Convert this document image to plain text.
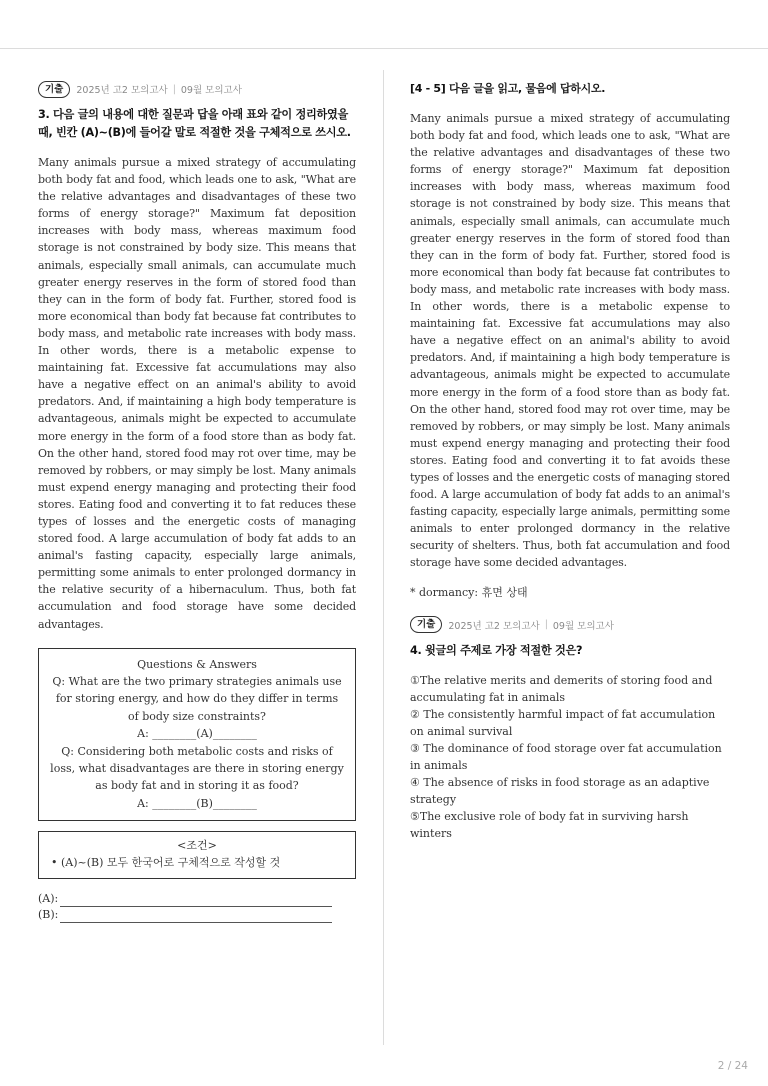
기출	2025년 고2 모의고사 | 09월 모의고사
3. 다음 글의 내용에 대한 질문과 답을 아래 표와 같이 정리하였을 때, 빈칸 (A)~(B)에 들어갈 말로 적절한 것을 구체적으로 쓰시오.
Many animals pursue a mixed strategy of accumulating both body fat and food, which leads one to ask, "What are the relative advantages and disadvantages of these two forms of energy storage?" Maximum fat deposition increases with body mass, whereas maximum food storage is not constrained by body size. This means that animals, especially small animals, can accumulate much greater energy reserves in the form of stored food than they can in the form of body fat. Further, stored food is more economical than body fat because fat contributes to body mass, and metabolic rate increases with body mass. In other words, there is a metabolic expense to maintaining fat. Excessive fat accumulations may also have a negative effect on an animal's ability to avoid predators. And, if maintaining a high body temperature is advantageous, animals might be expected to accumulate more energy in the form of a food store than as body fat. On the other hand, stored food may rot over time, may be removed by robbers, or may simply be lost. Many animals must expend energy managing and protecting their food stores. Eating food and converting it to fat reduces these types of losses and the energetic costs of managing stored food. A large accumulation of body fat adds to an animal's fasting capacity, especially large animals, permitting some animals to enter prolonged dormancy in the relative security of a hibernaculum. Thus, both fat accumulation and food storage have some decided advantages.
Questions & Answers
Q: What are the two primary strategies animals use for storing energy, and how do they differ in terms of body size constraints?
A: ________(A)________
Q: Considering both metabolic costs and risks of loss, what disadvantages are there in storing energy as body fat and in storing it as food?
A: ________(B)________
<조건>
• (A)~(B) 모두 한국어로 구체적으로 작성할 것
(A):
(B):
[4 - 5] 다음 글을 읽고, 물음에 답하시오.
Many animals pursue a mixed strategy of accumulating both body fat and food, which leads one to ask, "What are the relative advantages and disadvantages of these two forms of energy storage?" Maximum fat deposition increases with body mass, whereas maximum food storage is not constrained by body size. This means that animals, especially small animals, can accumulate much greater energy reserves in the form of stored food than they can in the form of body fat. Further, stored food is more economical than body fat because fat contributes to body mass, and metabolic rate increases with body mass. In other words, there is a metabolic expense to maintaining fat. Excessive fat accumulations may also have a negative effect on an animal's ability to avoid predators. And, if maintaining a high body temperature is advantageous, animals might be expected to accumulate more energy in the form of a food store than as body fat. On the other hand, stored food may rot over time, may be removed by robbers, or may simply be lost. Many animals must expend energy managing and protecting their food stores. Eating food and converting it to fat avoids these types of losses and the energetic costs of managing stored food. A large accumulation of body fat adds to an animal's fasting capacity, especially large animals, permitting some animals to enter prolonged dormancy in the relative security of shelters. Thus, both fat accumulation and food storage have some decided advantages.
* dormancy: 휴면 상태
기출	2025년 고2 모의고사 | 09월 모의고사
4. 윗글의 주제로 가장 적절한 것은?
①The relative merits and demerits of storing food and accumulating fat in animals
② The consistently harmful impact of fat accumulation on animal survival
③ The dominance of food storage over fat accumulation in animals
④ The absence of risks in food storage as an adaptive strategy
⑤The exclusive role of body fat in surviving harsh winters
2 / 24
